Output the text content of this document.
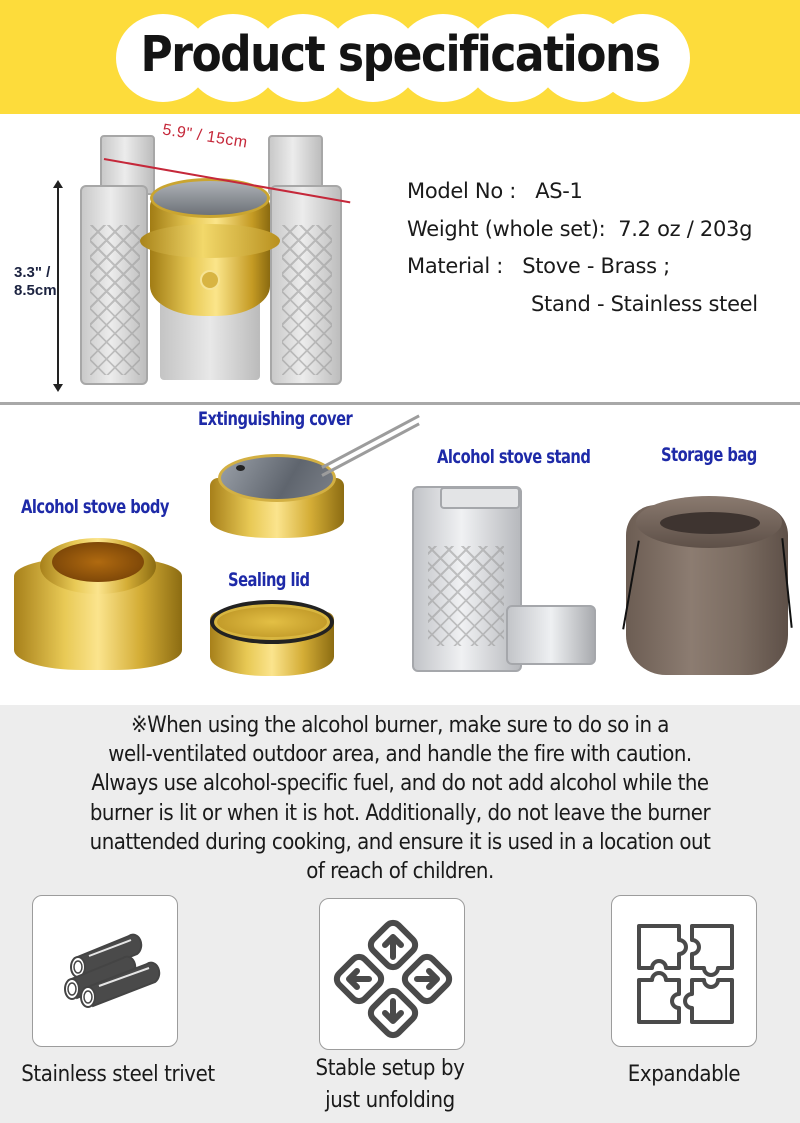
Product specifications
5.9" / 15cm
3.3" /
8.5cm
Model No : AS-1
Weight (whole set): 7.2 oz / 203g
Material : Stove - Brass ;
Stand - Stainless steel
Extinguishing cover
Alcohol stove stand	Storage bag
Alcohol stove body
Sealing lid
※When using the alcohol burner, make sure to do so in a
well-ventilated outdoor area, and handle the fire with caution.
Always use alcohol-specific fuel, and do not add alcohol while the
burner is lit or when it is hot. Additionally, do not leave the burner
unattended during cooking, and ensure it is used in a location out
of reach of children.
Stainless steel trivet	Stable setup by
just unfolding
Expandable
